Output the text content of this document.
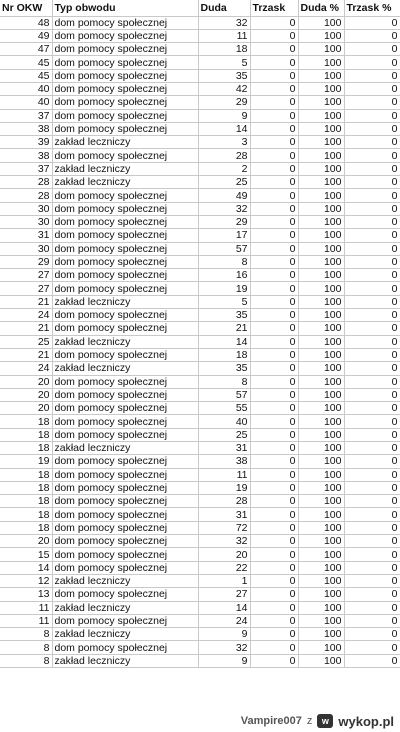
Nr OKW	Typ obwodu	Duda	Trzask	Duda %	Trzask %
48	dom pomocy społecznej	32	0	100	0
49	dom pomocy społecznej	11	0	100	0
47	dom pomocy społecznej	18	0	100	0
45	dom pomocy społecznej	5	0	100	0
45	dom pomocy społecznej	35	0	100	0
40	dom pomocy społecznej	42	0	100	0
40	dom pomocy społecznej	29	0	100	0
37	dom pomocy społecznej	9	0	100	0
38	dom pomocy społecznej	14	0	100	0
39	zakład leczniczy	3	0	100	0
38	dom pomocy społecznej	28	0	100	0
37	zakład leczniczy	2	0	100	0
28	zakład leczniczy	25	0	100	0
28	dom pomocy społecznej	49	0	100	0
30	dom pomocy społecznej	32	0	100	0
30	dom pomocy społecznej	29	0	100	0
31	dom pomocy społecznej	17	0	100	0
30	dom pomocy społecznej	57	0	100	0
29	dom pomocy społecznej	8	0	100	0
27	dom pomocy społecznej	16	0	100	0
27	dom pomocy społecznej	19	0	100	0
21	zakład leczniczy	5	0	100	0
24	dom pomocy społecznej	35	0	100	0
21	dom pomocy społecznej	21	0	100	0
25	zakład leczniczy	14	0	100	0
21	dom pomocy społecznej	18	0	100	0
24	zakład leczniczy	35	0	100	0
20	dom pomocy społecznej	8	0	100	0
20	dom pomocy społecznej	57	0	100	0
20	dom pomocy społecznej	55	0	100	0
18	dom pomocy społecznej	40	0	100	0
18	dom pomocy społecznej	25	0	100	0
18	zakład leczniczy	31	0	100	0
19	dom pomocy społecznej	38	0	100	0
18	dom pomocy społecznej	11	0	100	0
18	dom pomocy społecznej	19	0	100	0
18	dom pomocy społecznej	28	0	100	0
18	dom pomocy społecznej	31	0	100	0
18	dom pomocy społecznej	72	0	100	0
20	dom pomocy społecznej	32	0	100	0
15	dom pomocy społecznej	20	0	100	0
14	dom pomocy społecznej	22	0	100	0
12	zakład leczniczy	1	0	100	0
13	dom pomocy społecznej	27	0	100	0
11	zakład leczniczy	14	0	100	0
11	dom pomocy społecznej	24	0	100	0
8	zakład leczniczy	9	0	100	0
8	dom pomocy społecznej	32	0	100	0
8	zakład leczniczy	9	0	100	0
Vampire007 z	w wykop.pl
